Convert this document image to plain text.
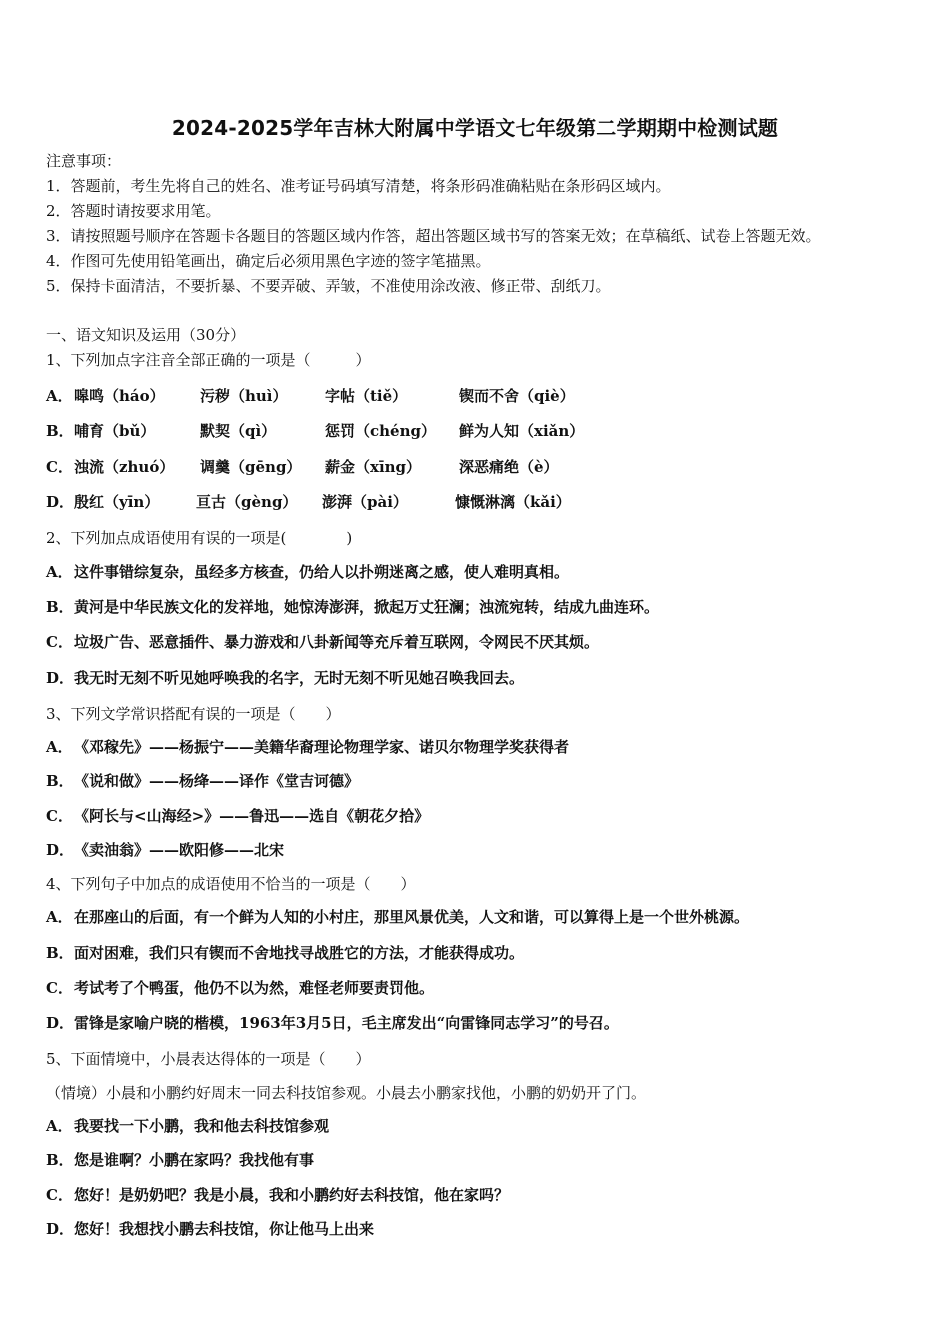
2024-2025学年吉林大附属中学语文七年级第二学期期中检测试题
注意事项：
1．答题前，考生先将自己的姓名、准考证号码填写清楚，将条形码准确粘贴在条形码区域内。
2．答题时请按要求用笔。
3．请按照题号顺序在答题卡各题目的答题区域内作答，超出答题区域书写的答案无效；在草稿纸、试卷上答题无效。
4．作图可先使用铅笔画出，确定后必须用黑色字迹的签字笔描黑。
5．保持卡面清洁，不要折暴、不要弄破、弄皱，不准使用涂改液、修正带、刮纸刀。
一、语文知识及运用（30分）
1、下列加点字注音全部正确的一项是（　　　）
A． 嗥鸣（háo） 污秽（huì） 字帖（tiě）	锲而不舍（qiè）
B． 哺育（bǔ）	默契（qì）	惩罚（chéng） 鲜为人知（xiǎn）
C． 浊流（zhuó） 调羹（gēng） 薪金（xīng）	深恶痛绝（è）
D． 殷红（yīn） 亘古（gèng） 澎湃（pài）	慷慨淋漓（kǎi）
2、下列加点成语使用有误的一项是(　　　　)
A．这件事错综复杂，虽经多方核查，仍给人以扑朔迷离之感，使人难明真相。
B．黄河是中华民族文化的发祥地，她惊涛澎湃，掀起万丈狂澜；浊流宛转，结成九曲连环。
C．垃圾广告、恶意插件、暴力游戏和八卦新闻等充斥着互联网，令网民不厌其烦。
D．我无时无刻不听见她呼唤我的名字，无时无刻不听见她召唤我回去。
3、下列文学常识搭配有误的一项是（　　）
A．《邓稼先》——杨振宁——美籍华裔理论物理学家、诺贝尔物理学奖获得者
B．《说和做》——杨绛——译作《堂吉诃德》
C．《阿长与<山海经>》——鲁迅——选自《朝花夕拾》
D．《卖油翁》——欧阳修——北宋
4、下列句子中加点的成语使用不恰当的一项是（　　）
A．在那座山的后面，有一个鲜为人知的小村庄，那里风景优美，人文和谐，可以算得上是一个世外桃源。
B．面对困难，我们只有锲而不舍地找寻战胜它的方法，才能获得成功。
C．考试考了个鸭蛋，他仍不以为然，难怪老师要责罚他。
D．雷锋是家喻户晓的楷模，1963年3月5日，毛主席发出“向雷锋同志学习”的号召。
5、下面情境中，小晨表达得体的一项是（　　）
（情境）小晨和小鹏约好周末一同去科技馆参观。小晨去小鹏家找他，小鹏的奶奶开了门。
A．我要找一下小鹏，我和他去科技馆参观
B．您是谁啊？小鹏在家吗？我找他有事
C．您好！是奶奶吧？我是小晨，我和小鹏约好去科技馆，他在家吗？
D．您好！我想找小鹏去科技馆，你让他马上出来
